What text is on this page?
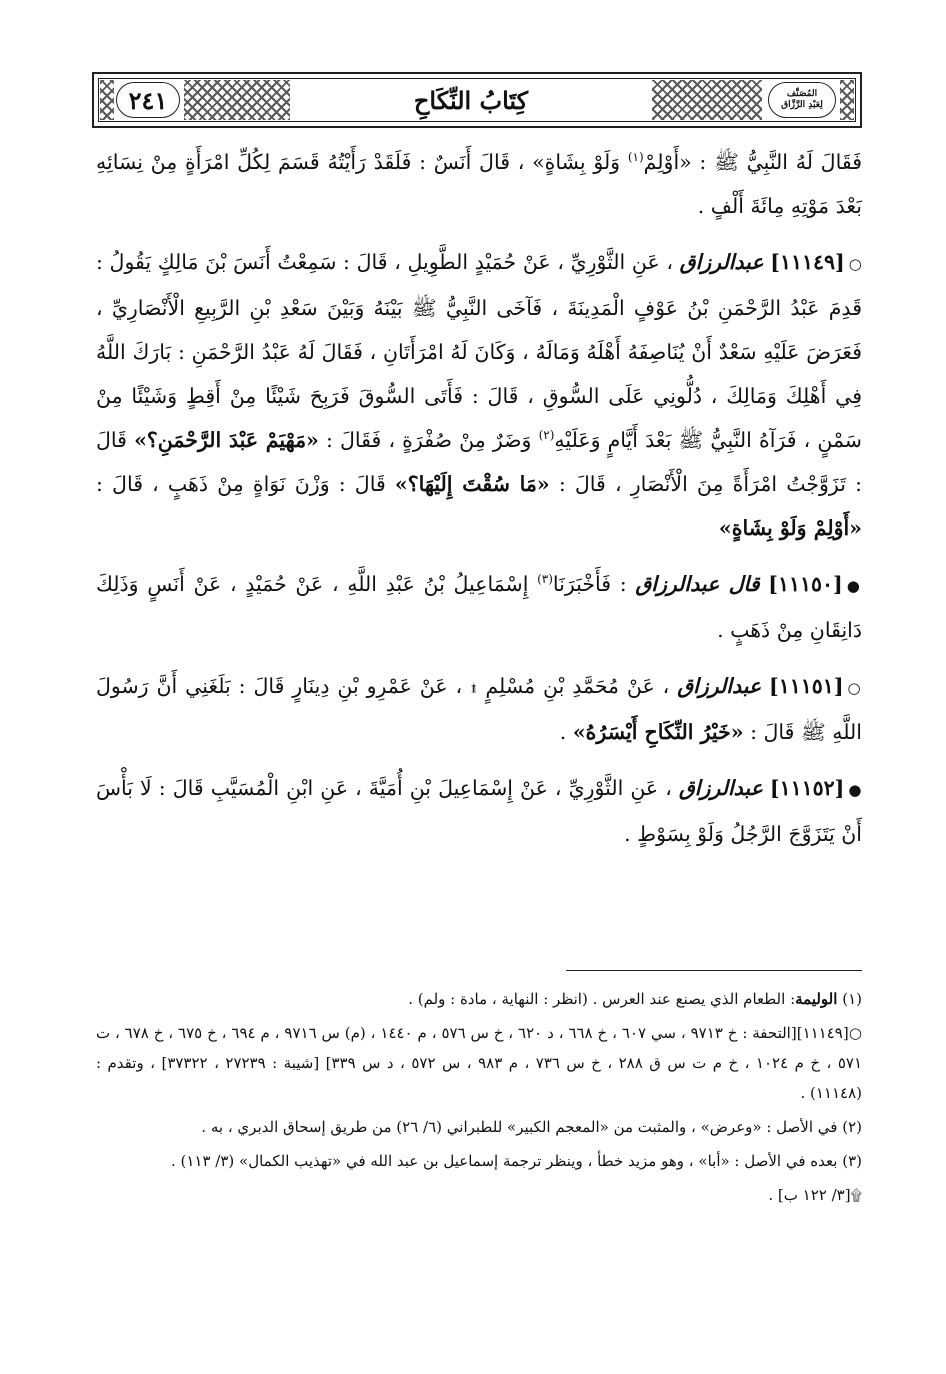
٢٤١	كِتَابُ النِّكَاحِ	المُصَنَّف
لِعَبْدِ الرَّزَّاق

فَقَالَ لَهُ النَّبِيُّ ﷺ : «أَوْلِمْ$^{(١)}$ وَلَوْ بِشَاةٍ» ، قَالَ أَنَسٌ : فَلَقَدْ رَأَيْتُهُ قَسَمَ لِكُلِّ امْرَأَةٍ مِنْ نِسَائِهِ بَعْدَ مَوْتِهِ مِائَةَ أَلْفٍ .

○[١١١٤٩] عبدالرزاق ، عَنِ الثَّوْرِيِّ ، عَنْ حُمَيْدٍ الطَّوِيلِ ، قَالَ : سَمِعْتُ أَنَسَ بْنَ مَالِكٍ يَقُولُ : قَدِمَ عَبْدُ الرَّحْمَنِ بْنُ عَوْفٍ الْمَدِينَةَ ، فَآخَى النَّبِيُّ ﷺ بَيْنَهُ وَبَيْنَ سَعْدِ بْنِ الرَّبِيعِ الْأَنْصَارِيِّ ، فَعَرَضَ عَلَيْهِ سَعْدٌ أَنْ يُنَاصِفَهُ أَهْلَهُ وَمَالَهُ ، وَكَانَ لَهُ امْرَأَتَانِ ، فَقَالَ لَهُ عَبْدُ الرَّحْمَنِ : بَارَكَ اللَّهُ فِي أَهْلِكَ وَمَالِكَ ، دُلُّونِي عَلَى السُّوقِ ، قَالَ : فَأَتَى السُّوقَ فَرَبِحَ شَيْئًا مِنْ أَقِطٍ وَشَيْئًا مِنْ سَمْنٍ ، فَرَآهُ النَّبِيُّ ﷺ بَعْدَ أَيَّامٍ وَعَلَيْهِ$^{(٢)}$ وَضَرٌ مِنْ صُفْرَةٍ ، فَقَالَ : «مَهْيَمْ عَبْدَ الرَّحْمَنِ؟» قَالَ : تَزَوَّجْتُ امْرَأَةً مِنَ الْأَنْصَارِ ، قَالَ : «مَا سُقْتَ إِلَيْهَا؟» قَالَ : وَزْنَ نَوَاةٍ مِنْ ذَهَبٍ ، قَالَ : «أَوْلِمْ وَلَوْ بِشَاةٍ»

●[١١١٥٠] قال عبدالرزاق : فَأَخْبَرَنَا$^{(٣)}$ إِسْمَاعِيلُ بْنُ عَبْدِ اللَّهِ ، عَنْ حُمَيْدٍ ، عَنْ أَنَسٍ وَذَلِكَ دَانِقَانِ مِنْ ذَهَبٍ .

○[١١١٥١] عبدالرزاق ، عَنْ مُحَمَّدِ بْنِ مُسْلِمٍ ۩ ، عَنْ عَمْرِو بْنِ دِينَارٍ قَالَ : بَلَغَنِي أَنَّ رَسُولَ اللَّهِ ﷺ قَالَ : «خَيْرُ النِّكَاحِ أَيْسَرُهُ» .

●[١١١٥٢] عبدالرزاق ، عَنِ الثَّوْرِيِّ ، عَنْ إِسْمَاعِيلَ بْنِ أُمَيَّةَ ، عَنِ ابْنِ الْمُسَيَّبِ قَالَ : لَا بَأْسَ أَنْ يَتَزَوَّجَ الرَّجُلُ وَلَوْ بِسَوْطٍ .

(١) الوليمة: الطعام الذي يصنع عند العرس . (انظر : النهاية ، مادة : ولم) .

○[١١١٤٩][التحفة : خ ٩٧١٣ ، سي ٦٠٧ ، خ ٦٦٨ ، د ٦٢٠ ، خ س ٥٧٦ ، م ١٤٤٠ ، (م) س ٩٧١٦ ، م ٦٩٤ ، خ ٦٧٥ ، خ ٦٧٨ ، ت ٥٧١ ، خ م ١٠٢٤ ، خ م ت س ق ٢٨٨ ، خ س ٧٣٦ ، م ٩٨٣ ، س ٥٧٢ ، د س ٣٣٩] [شيبة : ٢٧٢٣٩ ، ٣٧٣٢٢] ، وتقدم : (١١١٤٨) .

(٢) في الأصل : «وعرض» ، والمثبت من «المعجم الكبير» للطبراني (٦/ ٢٦) من طريق إسحاق الدبري ، به .

(٣) بعده في الأصل : «أبا» ، وهو مزيد خطأ ، وينظر ترجمة إسماعيل بن عبد الله في «تهذيب الكمال» (٣/ ١١٣) .

۩[٣/ ١٢٢ ب] .
